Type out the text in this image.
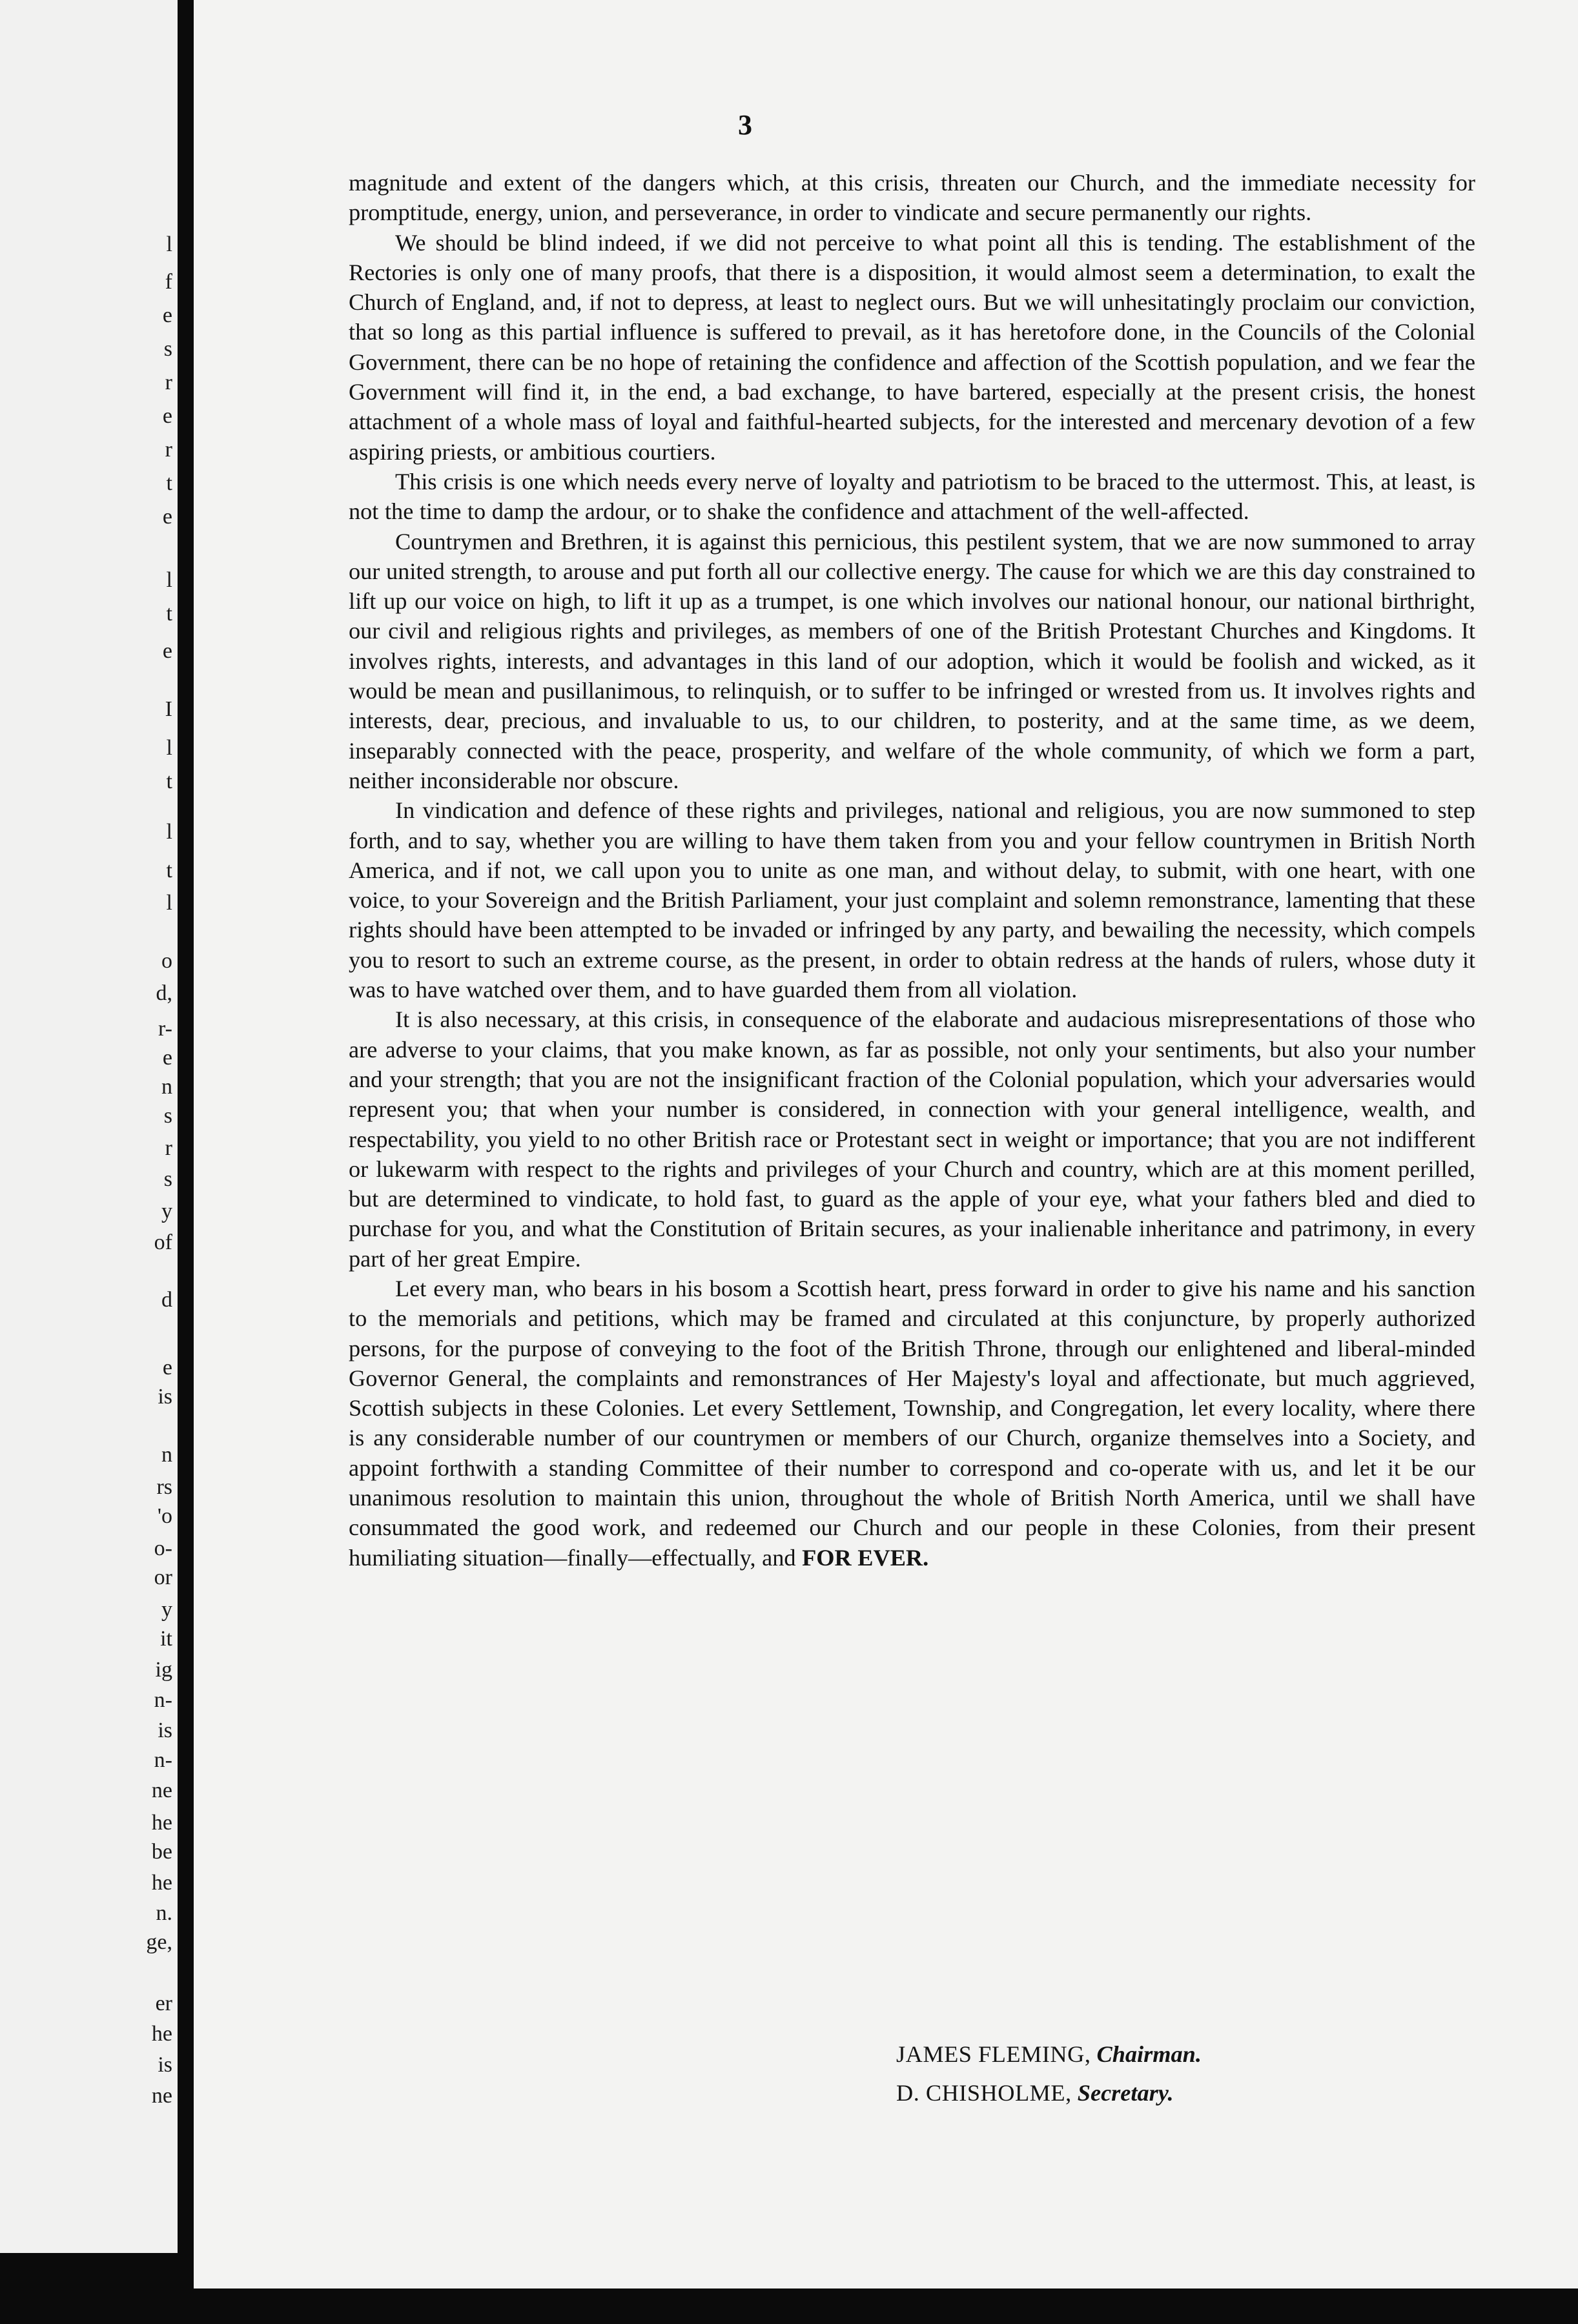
l
f
e
s
r
e
r
t
e
l
t
e
I
l
t
l
t
l
o
d,
r-
e
n
s
r
s
y
of
d
e
is
n
rs
'o
o-
or
y
it
ig
n-
is
n-
ne
he
be
he
n.
ge,
er
he
is
ne
3

magnitude and extent of the dangers which, at this crisis, threaten our Church, and the immediate necessity for promptitude, energy, union, and perseverance, in order to vindicate and secure permanently our rights.

We should be blind indeed, if we did not perceive to what point all this is tending. The establishment of the Rectories is only one of many proofs, that there is a disposition, it would almost seem a determination, to exalt the Church of England, and, if not to depress, at least to neglect ours. But we will unhesitatingly proclaim our conviction, that so long as this partial influence is suffered to prevail, as it has heretofore done, in the Councils of the Colonial Government, there can be no hope of retaining the confidence and affection of the Scottish population, and we fear the Government will find it, in the end, a bad exchange, to have bartered, especially at the present crisis, the honest attachment of a whole mass of loyal and faithful-hearted subjects, for the interested and mercenary devotion of a few aspiring priests, or ambitious courtiers.

This crisis is one which needs every nerve of loyalty and patriotism to be braced to the uttermost. This, at least, is not the time to damp the ardour, or to shake the confidence and attachment of the well-affected.

Countrymen and Brethren, it is against this pernicious, this pestilent system, that we are now summoned to array our united strength, to arouse and put forth all our collective energy. The cause for which we are this day constrained to lift up our voice on high, to lift it up as a trumpet, is one which involves our national honour, our national birthright, our civil and religious rights and privileges, as members of one of the British Protestant Churches and Kingdoms. It involves rights, interests, and advantages in this land of our adoption, which it would be foolish and wicked, as it would be mean and pusillanimous, to relinquish, or to suffer to be infringed or wrested from us. It involves rights and interests, dear, precious, and invaluable to us, to our children, to posterity, and at the same time, as we deem, inseparably connected with the peace, prosperity, and welfare of the whole community, of which we form a part, neither inconsiderable nor obscure.

In vindication and defence of these rights and privileges, national and religious, you are now summoned to step forth, and to say, whether you are willing to have them taken from you and your fellow countrymen in British North America, and if not, we call upon you to unite as one man, and without delay, to submit, with one heart, with one voice, to your Sovereign and the British Parliament, your just complaint and solemn remonstrance, lamenting that these rights should have been attempted to be invaded or infringed by any party, and bewailing the necessity, which compels you to resort to such an extreme course, as the present, in order to obtain redress at the hands of rulers, whose duty it was to have watched over them, and to have guarded them from all violation.

It is also necessary, at this crisis, in consequence of the elaborate and audacious misrepresentations of those who are adverse to your claims, that you make known, as far as possible, not only your sentiments, but also your number and your strength; that you are not the insignificant fraction of the Colonial population, which your adversaries would represent you; that when your number is considered, in connection with your general intelligence, wealth, and respectability, you yield to no other British race or Protestant sect in weight or importance; that you are not indifferent or lukewarm with respect to the rights and privileges of your Church and country, which are at this moment perilled, but are determined to vindicate, to hold fast, to guard as the apple of your eye, what your fathers bled and died to purchase for you, and what the Constitution of Britain secures, as your inalienable inheritance and patrimony, in every part of her great Empire.

Let every man, who bears in his bosom a Scottish heart, press forward in order to give his name and his sanction to the memorials and petitions, which may be framed and circulated at this conjuncture, by properly authorized persons, for the purpose of conveying to the foot of the British Throne, through our enlightened and liberal-minded Governor General, the complaints and remonstrances of Her Majesty's loyal and affectionate, but much aggrieved, Scottish subjects in these Colonies. Let every Settlement, Township, and Congregation, let every locality, where there is any considerable number of our countrymen or members of our Church, organize themselves into a Society, and appoint forthwith a standing Committee of their number to correspond and co-operate with us, and let it be our unanimous resolution to maintain this union, throughout the whole of British North America, until we shall have consummated the good work, and redeemed our Church and our people in these Colonies, from their present humiliating situation—finally—effectually, and FOR EVER.

JAMES FLEMING, Chairman.
D. CHISHOLME, Secretary.
